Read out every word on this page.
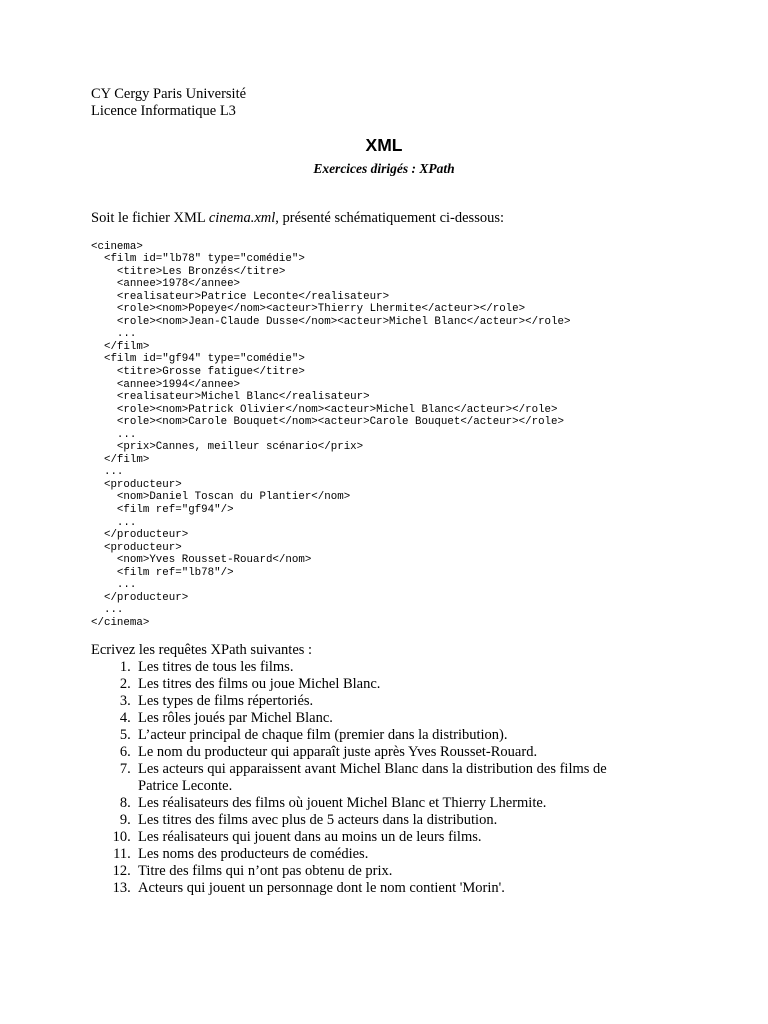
CY Cergy Paris Université
Licence Informatique L3
XML
Exercices dirigés : XPath
Soit le fichier XML cinema.xml, présenté schématiquement ci-dessous:
<cinema>
<film id="lb78" type="comédie">
<titre>Les Bronzés</titre>
<annee>1978</annee>
<realisateur>Patrice Leconte</realisateur>
<role><nom>Popeye</nom><acteur>Thierry Lhermite</acteur></role>
<role><nom>Jean-Claude Dusse</nom><acteur>Michel Blanc</acteur></role>
...
</film>
<film id="gf94" type="comédie">
<titre>Grosse fatigue</titre>
<annee>1994</annee>
<realisateur>Michel Blanc</realisateur>
<role><nom>Patrick Olivier</nom><acteur>Michel Blanc</acteur></role>
<role><nom>Carole Bouquet</nom><acteur>Carole Bouquet</acteur></role>
...
<prix>Cannes, meilleur scénario</prix>
</film>
...
<producteur>
<nom>Daniel Toscan du Plantier</nom>
<film ref="gf94"/>
...
</producteur>
<producteur>
<nom>Yves Rousset-Rouard</nom>
<film ref="lb78"/>
...
</producteur>
...
</cinema>
Ecrivez les requêtes XPath suivantes :
1. Les titres de tous les films.
2. Les titres des films ou joue Michel Blanc.
3. Les types de films répertoriés.
4. Les rôles joués par Michel Blanc.
5. L’acteur principal de chaque film (premier dans la distribution).
6. Le nom du producteur qui apparaît juste après Yves Rousset-Rouard.
7. Les acteurs qui apparaissent avant Michel Blanc dans la distribution des films de Patrice Leconte.
8. Les réalisateurs des films où jouent Michel Blanc et Thierry Lhermite.
9. Les titres des films avec plus de 5 acteurs dans la distribution.
10. Les réalisateurs qui jouent dans au moins un de leurs films.
11. Les noms des producteurs de comédies.
12. Titre des films qui n’ont pas obtenu de prix.
13. Acteurs qui jouent un personnage dont le nom contient 'Morin'.
